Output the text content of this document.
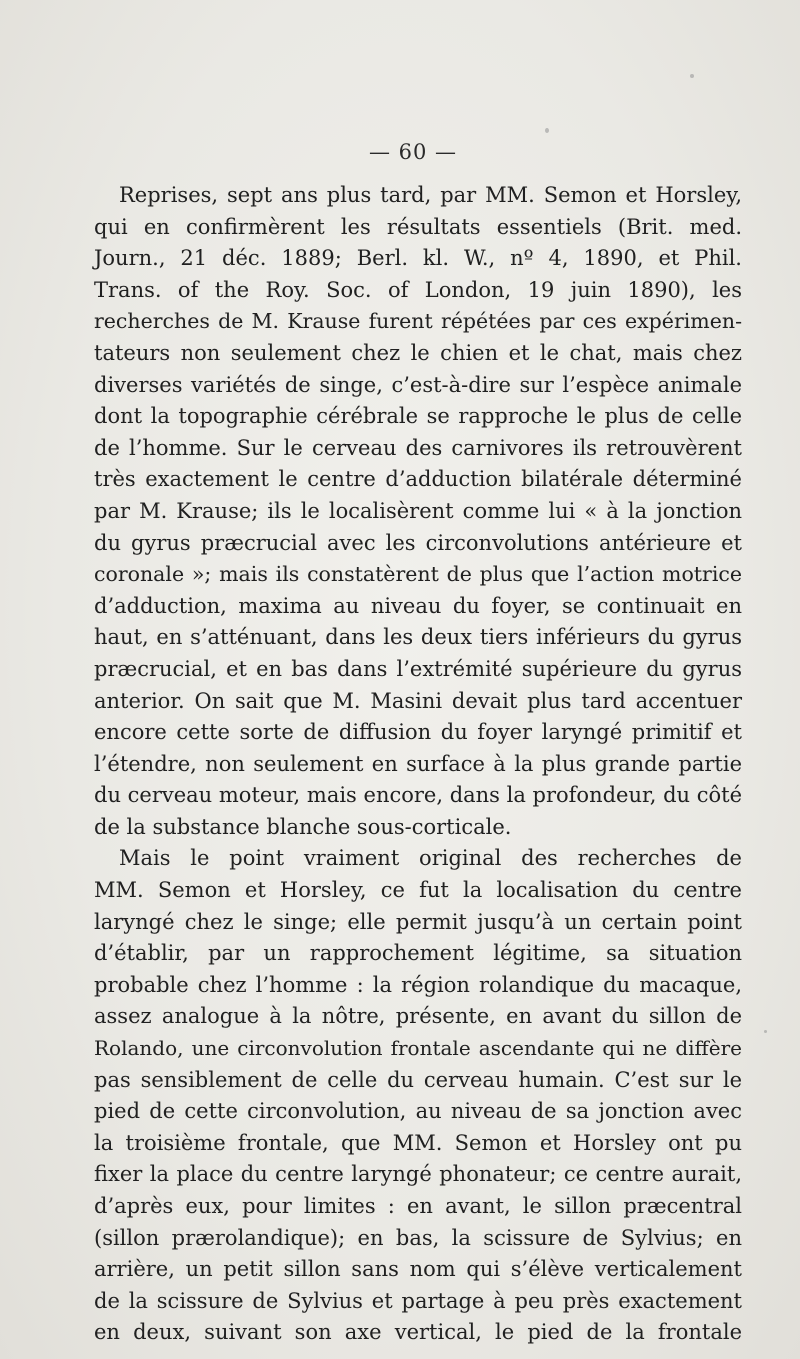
— 60 —
Reprises, sept ans plus tard, par MM. Semon et Horsley,
qui en confirmèrent les résultats essentiels (Brit. med.
Journ., 21 déc. 1889; Berl. kl. W., nº 4, 1890, et Phil.
Trans. of the Roy. Soc. of London, 19 juin 1890), les
recherches de M. Krause furent répétées par ces expérimen-
tateurs non seulement chez le chien et le chat, mais chez
diverses variétés de singe, c’est-à-dire sur l’espèce animale
dont la topographie cérébrale se rapproche le plus de celle
de l’homme. Sur le cerveau des carnivores ils retrouvèrent
très exactement le centre d’adduction bilatérale déterminé
par M. Krause; ils le localisèrent comme lui « à la jonction
du gyrus præcrucial avec les circonvolutions antérieure et
coronale »; mais ils constatèrent de plus que l’action motrice
d’adduction, maxima au niveau du foyer, se continuait en
haut, en s’atténuant, dans les deux tiers inférieurs du gyrus
præcrucial, et en bas dans l’extrémité supérieure du gyrus
anterior. On sait que M. Masini devait plus tard accentuer
encore cette sorte de diffusion du foyer laryngé primitif et
l’étendre, non seulement en surface à la plus grande partie
du cerveau moteur, mais encore, dans la profondeur, du côté
de la substance blanche sous-corticale.
Mais le point vraiment original des recherches de
MM. Semon et Horsley, ce fut la localisation du centre
laryngé chez le singe; elle permit jusqu’à un certain point
d’établir, par un rapprochement légitime, sa situation
probable chez l’homme : la région rolandique du macaque,
assez analogue à la nôtre, présente, en avant du sillon de
Rolando, une circonvolution frontale ascendante qui ne diffère
pas sensiblement de celle du cerveau humain. C’est sur le
pied de cette circonvolution, au niveau de sa jonction avec
la troisième frontale, que MM. Semon et Horsley ont pu
fixer la place du centre laryngé phonateur; ce centre aurait,
d’après eux, pour limites : en avant, le sillon præcentral
(sillon prærolandique); en bas, la scissure de Sylvius; en
arrière, un petit sillon sans nom qui s’élève verticalement
de la scissure de Sylvius et partage à peu près exactement
en deux, suivant son axe vertical, le pied de la frontale
